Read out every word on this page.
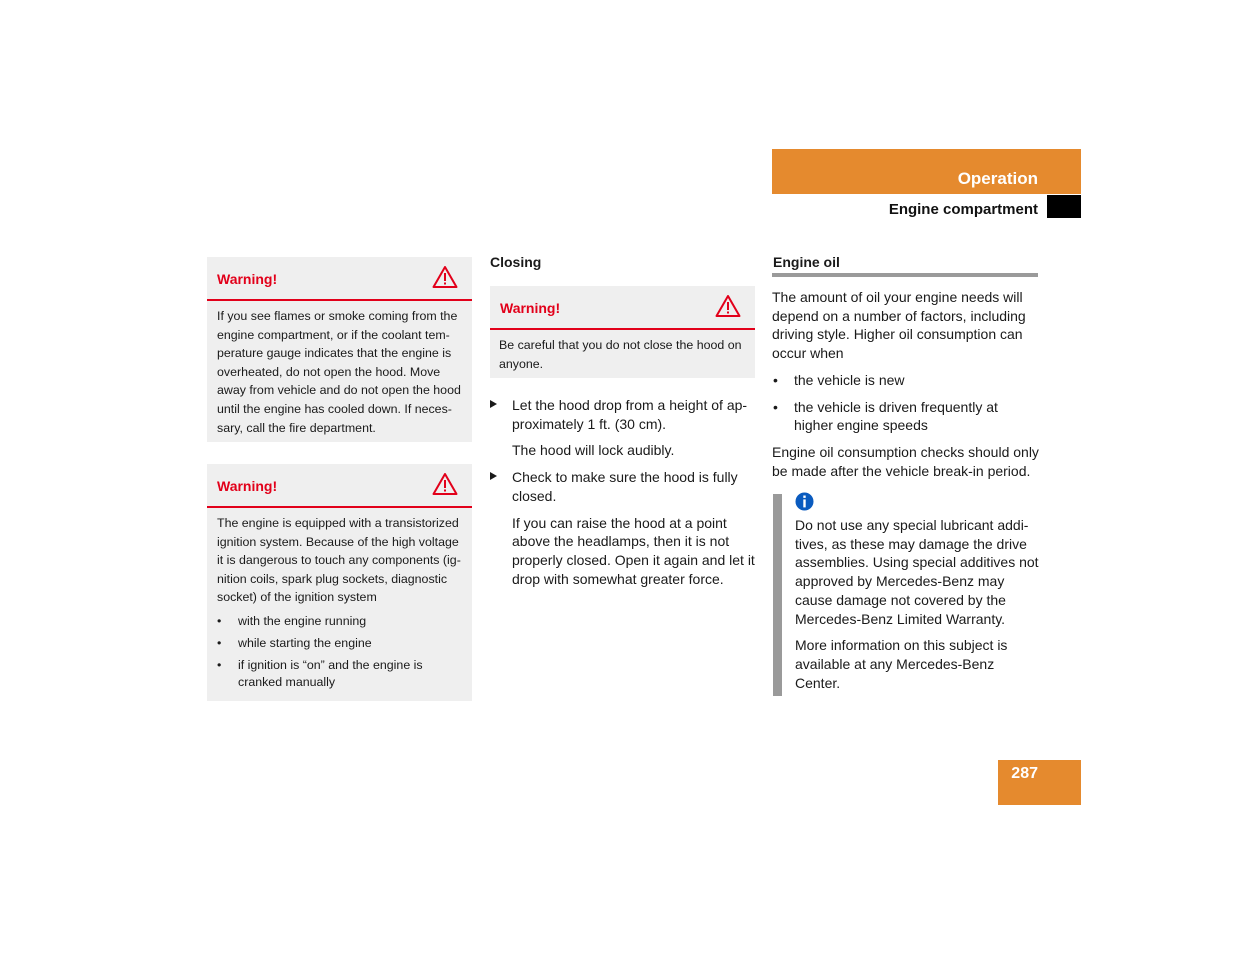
Operation
Engine compartment
Warning!

If you see flames or smoke coming from the engine compartment, or if the coolant tem-perature gauge indicates that the engine is overheated, do not open the hood. Move away from vehicle and do not open the hood until the engine has cooled down. If neces-sary, call the fire department.

Warning!

The engine is equipped with a transistorized ignition system. Because of the high voltage it is dangerous to touch any components (ig-nition coils, spark plug sockets, diagnostic socket) of the ignition system

• with the engine running
• while starting the engine
• if ignition is “on” and the engine is cranked manually
Closing
Warning!

Be careful that you do not close the hood on anyone.

Let the hood drop from a height of ap-proximately 1 ft. (30 cm).
The hood will lock audibly.
Check to make sure the hood is fully closed.
If you can raise the hood at a point above the headlamps, then it is not properly closed. Open it again and let it drop with somewhat greater force.
Engine oil
The amount of oil your engine needs will depend on a number of factors, including driving style. Higher oil consumption can occur when
• the vehicle is new
• the vehicle is driven frequently at higher engine speeds
Engine oil consumption checks should only be made after the vehicle break-in period.
Do not use any special lubricant addi-tives, as these may damage the drive assemblies. Using special additives not approved by Mercedes-Benz may cause damage not covered by the Mercedes-Benz Limited Warranty.
More information on this subject is available at any Mercedes-Benz Center.
287
